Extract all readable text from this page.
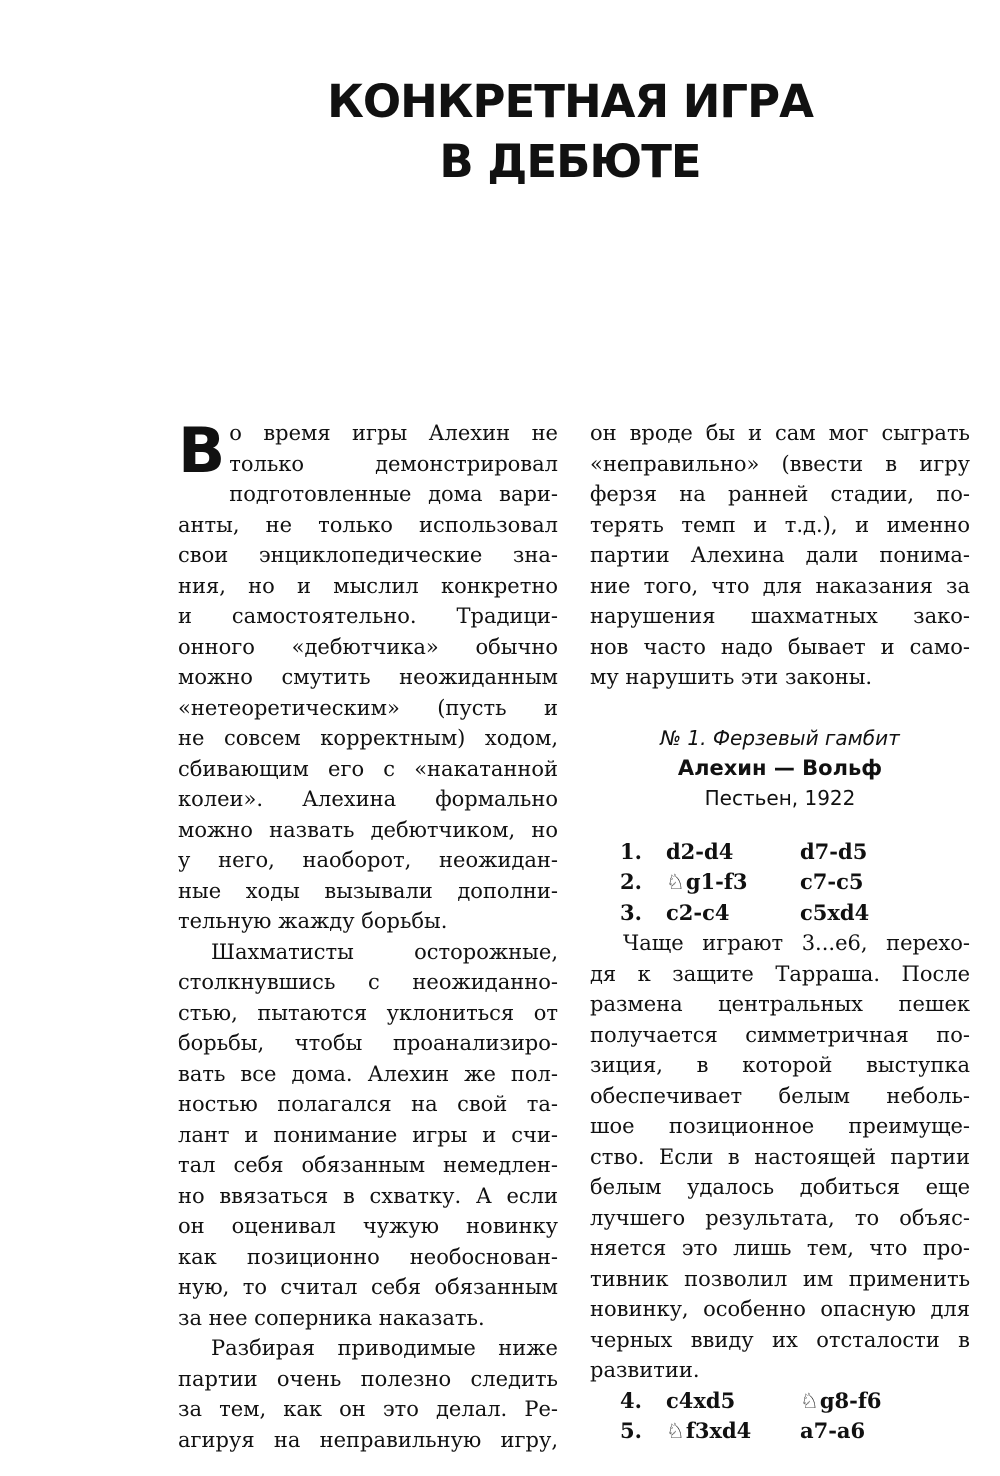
КОНКРЕТНАЯ ИГРА
В ДЕБЮТЕ
В о время игры Алехин не
только демонстрировал
подготовленные дома вари-
анты, не только использовал
свои энциклопедические зна-
ния, но и мыслил конкретно
и самостоятельно. Традици-
онного «дебютчика» обычно
можно смутить неожиданным
«нетеоретическим» (пусть и
не совсем корректным) ходом,
сбивающим его с «накатанной
колеи». Алехина формально
можно назвать дебютчиком, но
у него, наоборот, неожидан-
ные ходы вызывали дополни-
тельную жажду борьбы.
Шахматисты осторожные,
столкнувшись с неожиданно-
стью, пытаются уклониться от
борьбы, чтобы проанализиро-
вать все дома. Алехин же пол-
ностью полагался на свой та-
лант и понимание игры и счи-
тал себя обязанным немедлен-
но ввязаться в схватку. А если
он оценивал чужую новинку
как позиционно необоснован-
ную, то считал себя обязанным
за нее соперника наказать.
Разбирая приводимые ниже
партии очень полезно следить
за тем, как он это делал. Ре-
агируя на неправильную игру,
он вроде бы и сам мог сыграть
«неправильно» (ввести в игру
ферзя на ранней стадии, по-
терять темп и т.д.), и именно
партии Алехина дали понима-
ние того, что для наказания за
нарушения шахматных зако-
нов часто надо бывает и само-
му нарушить эти законы.
№ 1. Ферзевый гамбит
Алехин — Вольф
Пестьен, 1922
1.	d2-d4	d7-d5
2.	♘g1-f3	c7-c5
3.	c2-c4	c5xd4
Чаще играют 3...e6, перехо-
дя к защите Тарраша. После
размена центральных пешек
получается симметричная по-
зиция, в которой выступка
обеспечивает белым неболь-
шое позиционное преимуще-
ство. Если в настоящей партии
белым удалось добиться еще
лучшего результата, то объяс-
няется это лишь тем, что про-
тивник позволил им применить
новинку, особенно опасную для
черных ввиду их отсталости в
развитии.
4.	c4xd5	♘g8-f6
5.	♘f3xd4	a7-a6
